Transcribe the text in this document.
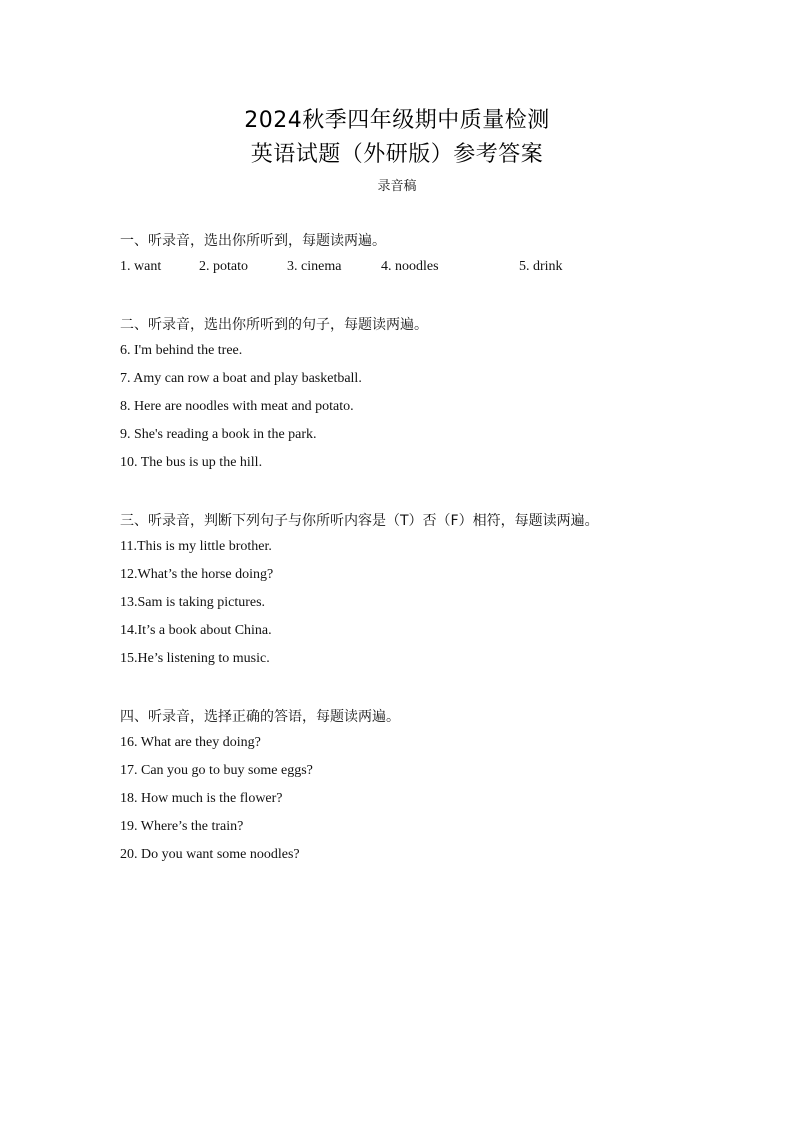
2024秋季四年级期中质量检测
英语试题（外研版）参考答案
录音稿
一、听录音，选出你所听到，每题读两遍。
1. want	2. potato	3. cinema	4. noodles	5. drink
二、听录音，选出你所听到的句子，每题读两遍。
6. I'm behind the tree.
7. Amy can row a boat and play basketball.
8. Here are noodles with meat and potato.
9. She's reading a book in the park.
10. The bus is up the hill.
三、听录音，判断下列句子与你所听内容是（T）否（F）相符，每题读两遍。
11.This is my little brother.
12.What’s the horse doing?
13.Sam is taking pictures.
14.It’s a book about China.
15.He’s listening to music.
四、听录音，选择正确的答语，每题读两遍。
16. What are they doing?
17. Can you go to buy some eggs?
18. How much is the flower?
19. Where’s the train?
20. Do you want some noodles?
